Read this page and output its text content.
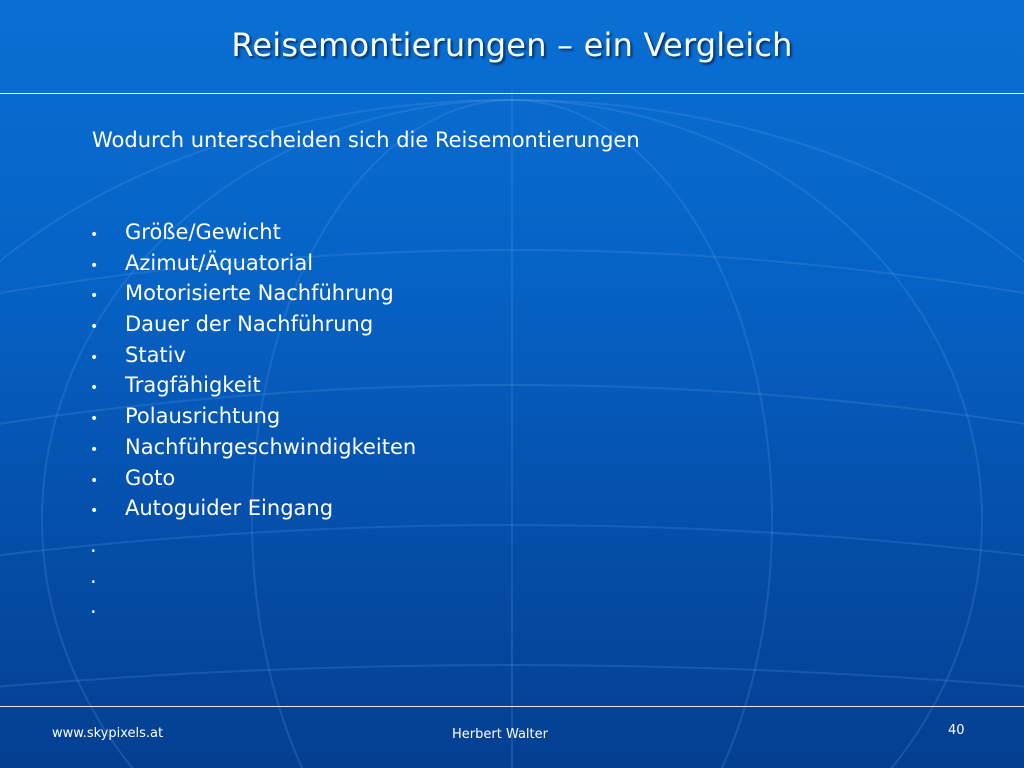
Reisemontierungen – ein Vergleich
Wodurch unterscheiden sich die Reisemontierungen
•	Größe/Gewicht
•	Azimut/Äquatorial
•	Motorisierte Nachführung
•	Dauer der Nachführung
•	Stativ
•	Tragfähigkeit
•	Polausrichtung
•	Nachführgeschwindigkeiten
•	Goto
•	Autoguider Eingang
.
.
.
www.skypixels.at	Herbert Walter	40
